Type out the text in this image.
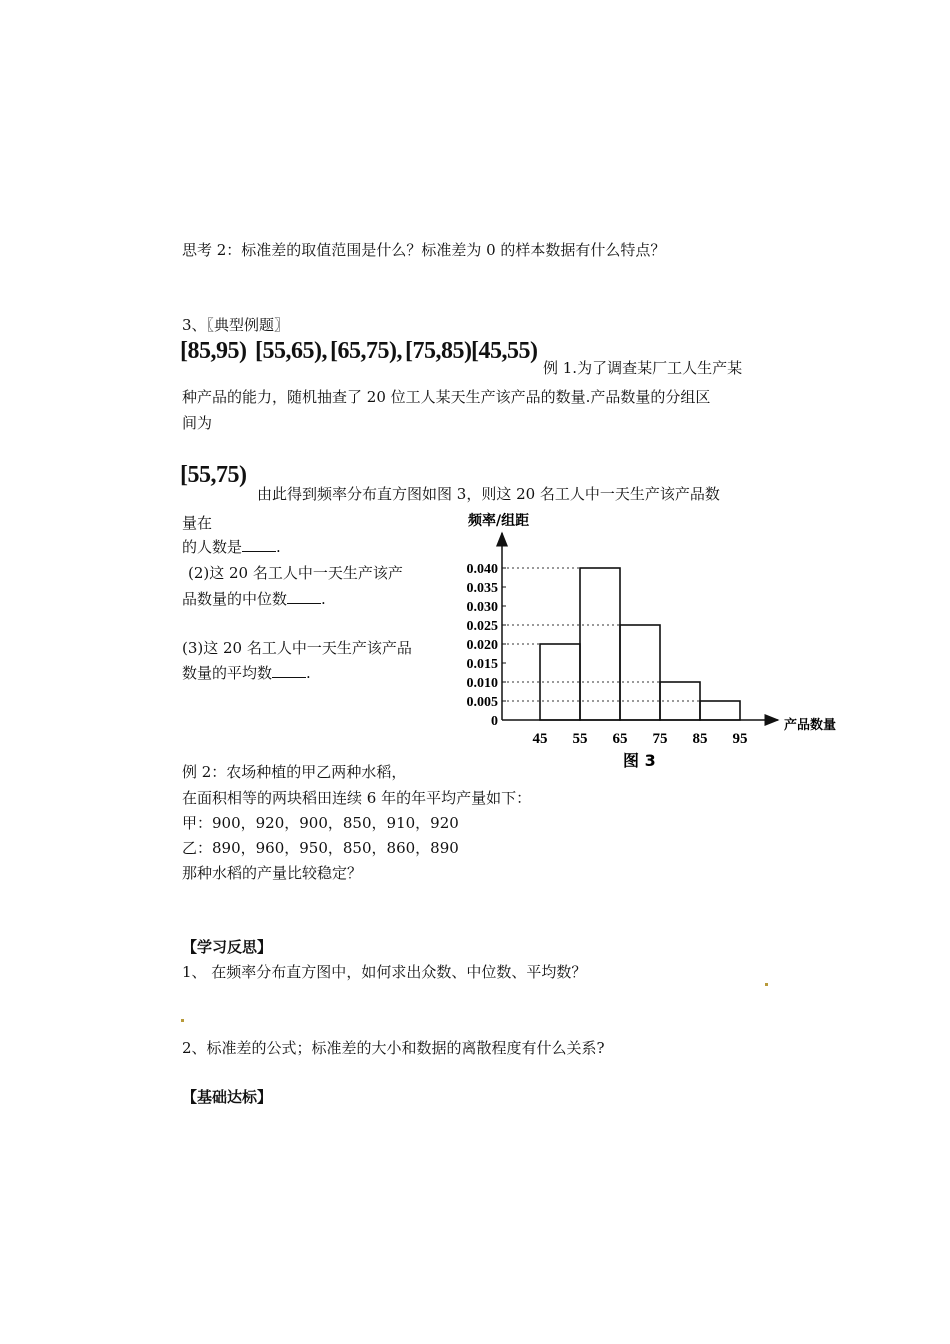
思考 2：标准差的取值范围是什么？标准差为 0 的样本数据有什么特点？
3、〖典型例题〗
[85,95) [55,65), [65,75), [75,85) [45,55)
例 1.为了调查某厂工人生产某
种产品的能力，随机抽查了 20 位工人某天生产该产品的数量.产品数量的分组区
间为
[55,75)
由此得到频率分布直方图如图 3，则这 20 名工人中一天生产该产品数
量在
的人数是 .
(2)这 20 名工人中一天生产该产
品数量的中位数 .
(3)这 20 名工人中一天生产该产品
数量的平均数 .
频率/组距
产品数量
图 3
0.040
0.035
0.030
0.025
0.020
0.015
0.010
0.005
0
45 55 65 75 85 95
例 2：农场种植的甲乙两种水稻，
在面积相等的两块稻田连续 6 年的年平均产量如下：
甲：900，920，900，850，910，920
乙：890，960，950，850，860，890
那种水稻的产量比较稳定？
【学习反思】
1、 在频率分布直方图中，如何求出众数、中位数、平均数？
2、标准差的公式；标准差的大小和数据的离散程度有什么关系?
【基础达标】
